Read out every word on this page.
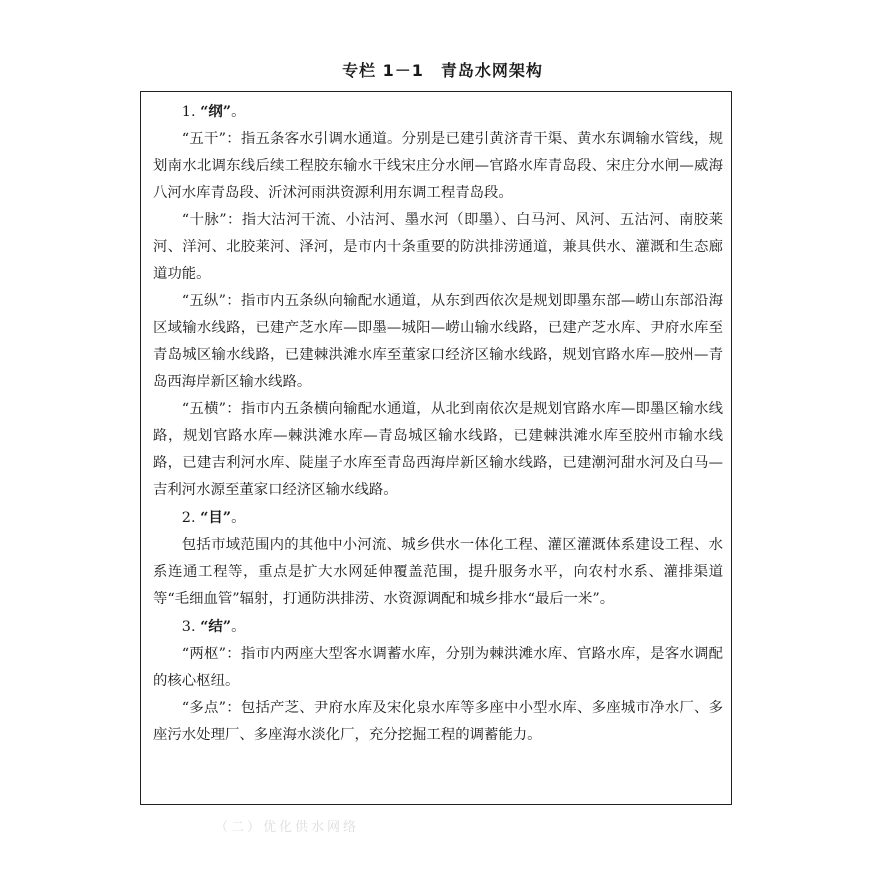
专栏 1－1　青岛水网架构

1. “纲”。

“五干”：指五条客水引调水通道。分别是已建引黄济青干渠、黄水东调输水管线，规划南水北调东线后续工程胶东输水干线宋庄分水闸—官路水库青岛段、宋庄分水闸—威海八河水库青岛段、沂沭河雨洪资源利用东调工程青岛段。

“十脉”：指大沽河干流、小沽河、墨水河（即墨）、白马河、风河、五沽河、南胶莱河、洋河、北胶莱河、泽河，是市内十条重要的防洪排涝通道，兼具供水、灌溉和生态廊道功能。

“五纵”：指市内五条纵向输配水通道，从东到西依次是规划即墨东部—崂山东部沿海区域输水线路，已建产芝水库—即墨—城阳—崂山输水线路，已建产芝水库、尹府水库至青岛城区输水线路，已建棘洪滩水库至董家口经济区输水线路，规划官路水库—胶州—青岛西海岸新区输水线路。

“五横”：指市内五条横向输配水通道，从北到南依次是规划官路水库—即墨区输水线路，规划官路水库—棘洪滩水库—青岛城区输水线路，已建棘洪滩水库至胶州市输水线路，已建吉利河水库、陡崖子水库至青岛西海岸新区输水线路，已建潮河甜水河及白马—吉利河水源至董家口经济区输水线路。

2. “目”。

包括市域范围内的其他中小河流、城乡供水一体化工程、灌区灌溉体系建设工程、水系连通工程等，重点是扩大水网延伸覆盖范围，提升服务水平，向农村水系、灌排渠道等“毛细血管”辐射，打通防洪排涝、水资源调配和城乡排水“最后一米”。

3. “结”。

“两枢”：指市内两座大型客水调蓄水库，分别为棘洪滩水库、官路水库，是客水调配的核心枢纽。

“多点”：包括产芝、尹府水库及宋化泉水库等多座中小型水库、多座城市净水厂、多座污水处理厂、多座海水淡化厂，充分挖掘工程的调蓄能力。

（二）优化供水网络
